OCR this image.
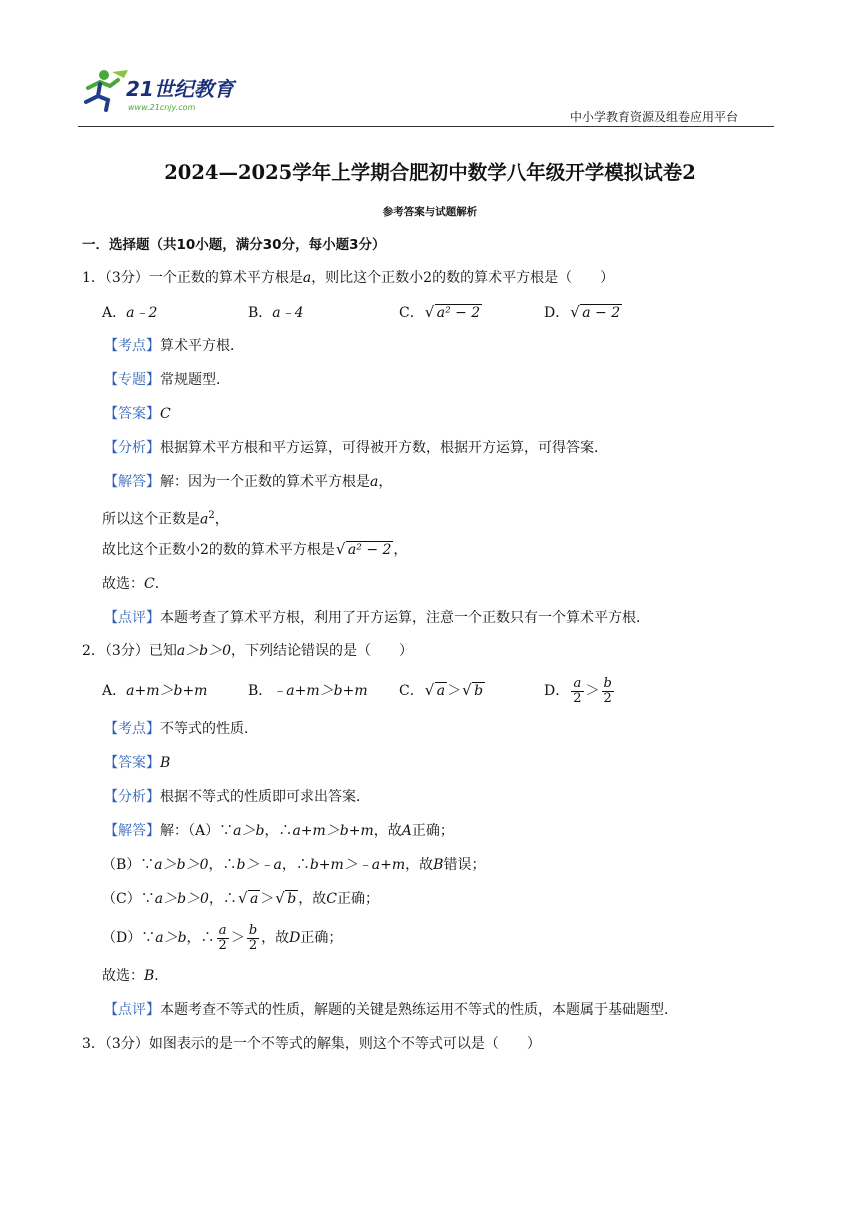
21世纪教育
www.21cnjy.com
中小学教育资源及组卷应用平台
2024—2025学年上学期合肥初中数学八年级开学模拟试卷2
参考答案与试题解析
一．选择题（共10小题，满分30分，每小题3分）
1．（3分）一个正数的算术平方根是a，则比这个正数小2的数的算术平方根是（　　）
A．a﹣2	B．a﹣4	C． √ a² − 2	D． √ a − 2
【考点】算术平方根．
【专题】常规题型．
【答案】C
【分析】根据算术平方根和平方运算，可得被开方数，根据开方运算，可得答案．
【解答】解：因为一个正数的算术平方根是a，
所以这个正数是$a^2$，
故比这个正数小2的数的算术平方根是 √ a² − 2 ，
故选：C．
【点评】本题考查了算术平方根，利用了开方运算，注意一个正数只有一个算术平方根．
2．（3分）已知a＞b＞0，下列结论错误的是（　　）
A．a+m＞b+m	B．﹣a+m＞b+m C． √ a ＞ √ b	D． $\frac{a}{2} > \frac{b}{2}$
【考点】不等式的性质．
【答案】B
【分析】根据不等式的性质即可求出答案．
【解答】解：（A）∵a＞b，∴a+m＞b+m，故A正确；
（B）∵a＞b＞0，∴b＞﹣a，∴b+m＞﹣a+m，故B错误；
（C）∵a＞b＞0，∴ √ a ＞ √ b ，故C正确；
（D）∵a＞b，∴ $\frac{a}{2} > \frac{b}{2}$ ，故D正确；
故选：B．
【点评】本题考查不等式的性质，解题的关键是熟练运用不等式的性质，本题属于基础题型．
3．（3分）如图表示的是一个不等式的解集，则这个不等式可以是（　　）
